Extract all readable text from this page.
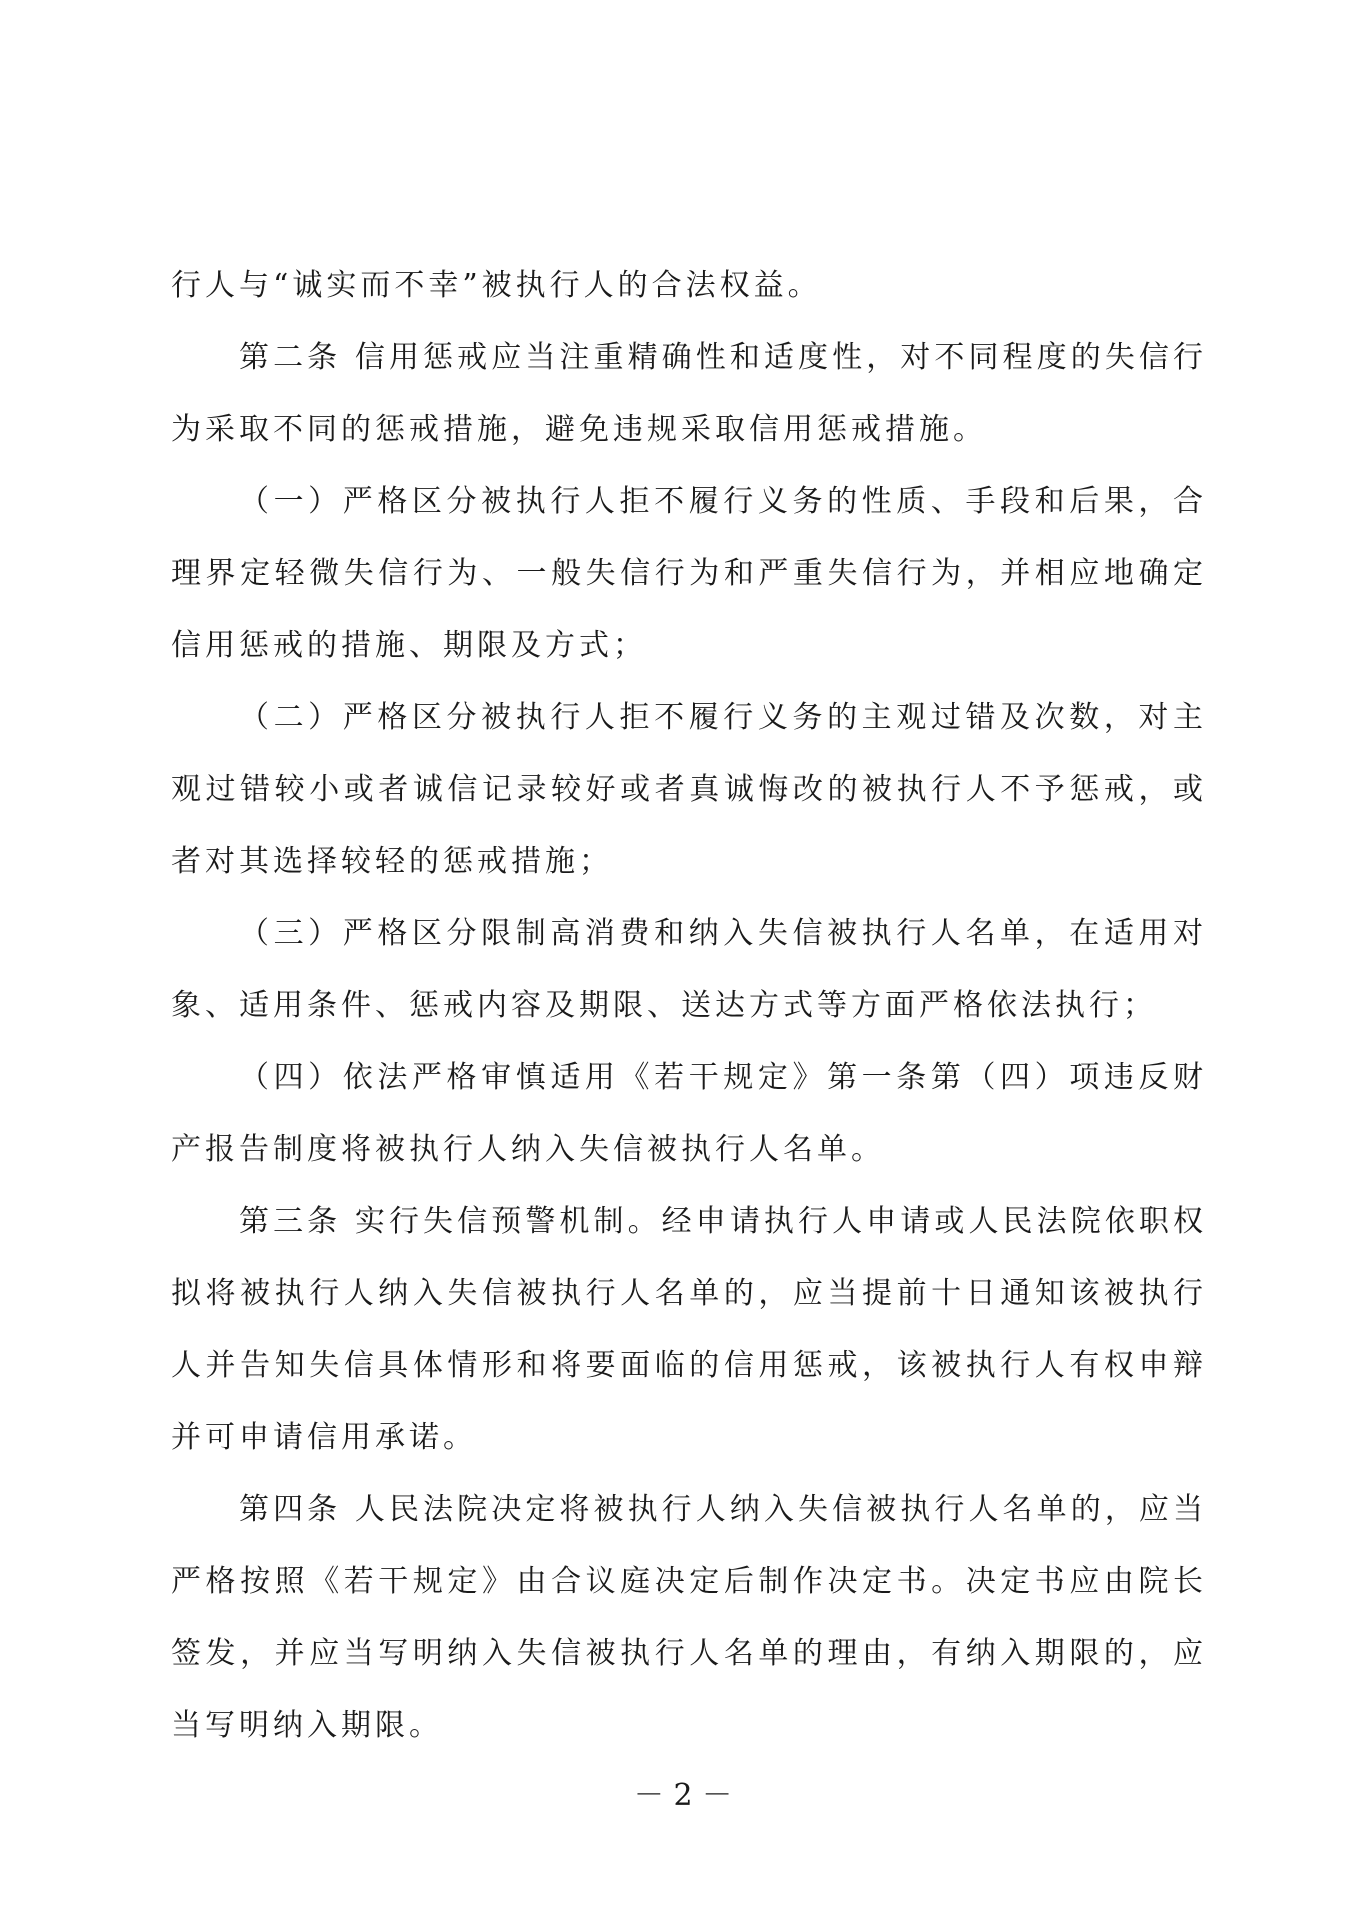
行人与“诚实而不幸”被执行人的合法权益。

第二条 信用惩戒应当注重精确性和适度性，对不同程度的失信行为采取不同的惩戒措施，避免违规采取信用惩戒措施。

（一）严格区分被执行人拒不履行义务的性质、手段和后果，合理界定轻微失信行为、一般失信行为和严重失信行为，并相应地确定信用惩戒的措施、期限及方式；

（二）严格区分被执行人拒不履行义务的主观过错及次数，对主观过错较小或者诚信记录较好或者真诚悔改的被执行人不予惩戒，或者对其选择较轻的惩戒措施；

（三）严格区分限制高消费和纳入失信被执行人名单，在适用对象、适用条件、惩戒内容及期限、送达方式等方面严格依法执行；

（四）依法严格审慎适用《若干规定》第一条第（四）项违反财产报告制度将被执行人纳入失信被执行人名单。

第三条 实行失信预警机制。经申请执行人申请或人民法院依职权拟将被执行人纳入失信被执行人名单的，应当提前十日通知该被执行人并告知失信具体情形和将要面临的信用惩戒，该被执行人有权申辩并可申请信用承诺。

第四条 人民法院决定将被执行人纳入失信被执行人名单的，应当严格按照《若干规定》由合议庭决定后制作决定书。决定书应由院长签发，并应当写明纳入失信被执行人名单的理由，有纳入期限的，应当写明纳入期限。

－ 2 －
